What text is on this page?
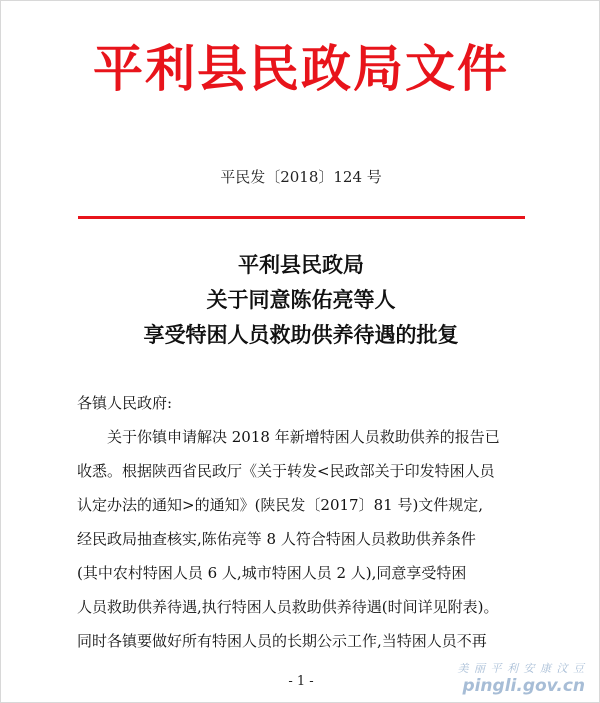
平利县民政局文件
平民发〔2018〕124 号
平利县民政局
关于同意陈佑亮等人
享受特困人员救助供养待遇的批复
各镇人民政府:
关于你镇申请解决 2018 年新增特困人员救助供养的报告已
收悉。根据陕西省民政厅《关于转发<民政部关于印发特困人员
认定办法的通知>的通知》(陕民发〔2017〕81 号)文件规定,
经民政局抽查核实,陈佑亮等 8 人符合特困人员救助供养条件
(其中农村特困人员 6 人,城市特困人员 2 人),同意享受特困
人员救助供养待遇,执行特困人员救助供养待遇(时间详见附表)。
同时各镇要做好所有特困人员的长期公示工作,当特困人员不再
- 1 -
美 丽 平 利 安 康 汶 豆
pingli.gov.cn
